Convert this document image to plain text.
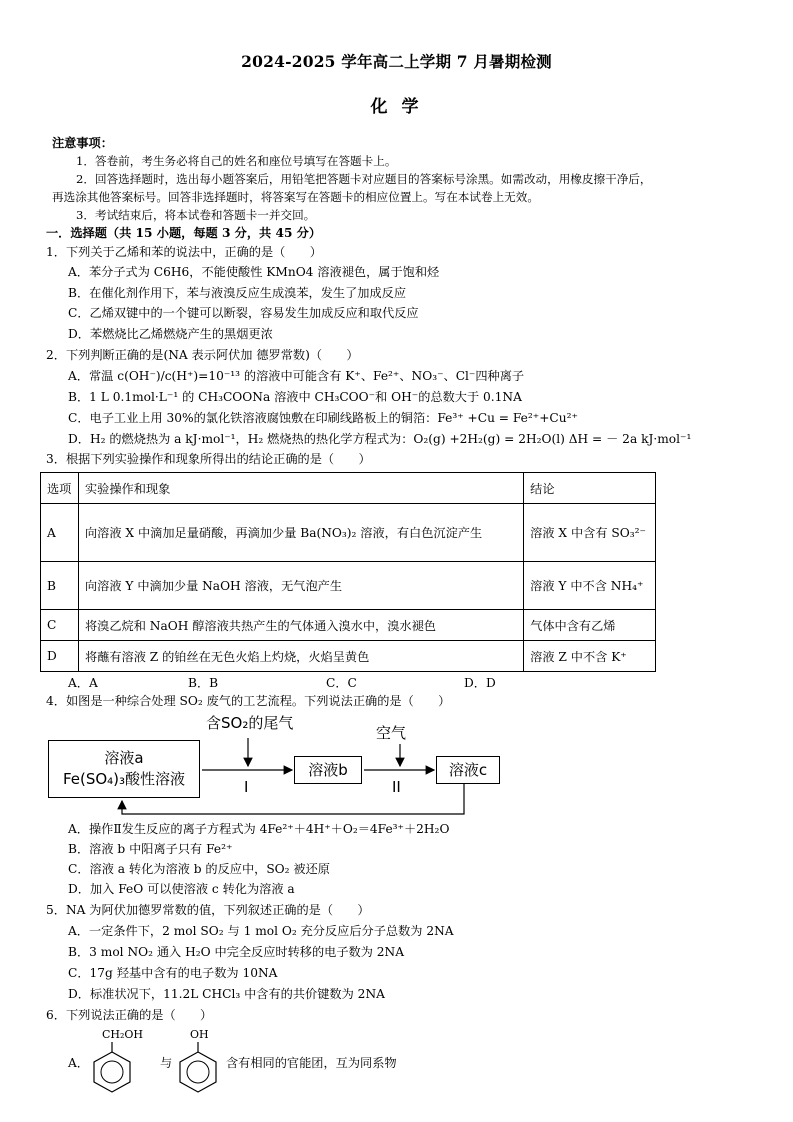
2024-2025 学年高二上学期 7 月暑期检测
化 学
注意事项：
1．答卷前，考生务必将自己的姓名和座位号填写在答题卡上。
2．回答选择题时，选出每小题答案后，用铅笔把答题卡对应题目的答案标号涂黑。如需改动，用橡皮擦干净后，
再选涂其他答案标号。回答非选择题时，将答案写在答题卡的相应位置上。写在本试卷上无效。
3．考试结束后，将本试卷和答题卡一并交回。
一．选择题（共 15 小题，每题 3 分，共 45 分）
1．下列关于乙烯和苯的说法中，正确的是（　　）
A．苯分子式为 C6H6，不能使酸性 KMnO4 溶液褪色，属于饱和烃
B．在催化剂作用下，苯与液溴反应生成溴苯，发生了加成反应
C．乙烯双键中的一个键可以断裂，容易发生加成反应和取代反应
D．苯燃烧比乙烯燃烧产生的黑烟更浓
2．下列判断正确的是(NA 表示阿伏加 德罗常数)（　　）
A．常温 c(OH⁻)/c(H⁺)=10⁻¹³ 的溶液中可能含有 K⁺、Fe²⁺、NO₃⁻、Cl⁻四种离子
B．1 L 0.1mol·L⁻¹ 的 CH₃COONa 溶液中 CH₃COO⁻和 OH⁻的总数大于 0.1NA
C．电子工业上用 30%的氯化铁溶液腐蚀敷在印刷线路板上的铜箔：Fe³⁺ +Cu = Fe²⁺+Cu²⁺
D．H₂ 的燃烧热为 a kJ·mol⁻¹，H₂ 燃烧热的热化学方程式为：O₂(g) +2H₂(g) = 2H₂O(l) ΔH = － 2a kJ·mol⁻¹
3．根据下列实验操作和现象所得出的结论正确的是（　　）
选项	实验操作和现象	结论
A	向溶液 X 中滴加足量硝酸，再滴加少量 Ba(NO₃)₂ 溶液，有白色沉淀产生	溶液 X 中含有 SO₃²⁻
B	向溶液 Y 中滴加少量 NaOH 溶液，无气泡产生	溶液 Y 中不含 NH₄⁺
C	将溴乙烷和 NaOH 醇溶液共热产生的气体通入溴水中，溴水褪色	气体中含有乙烯
D	将蘸有溶液 Z 的铂丝在无色火焰上灼烧，火焰呈黄色	溶液 Z 中不含 K⁺
A．A	B．B	C．C	D．D
4．如图是一种综合处理 SO₂ 废气的工艺流程。下列说法正确的是（　　）
溶液a
Fe(SO₄)₃酸性溶液	溶液b	溶液c
含SO₂的尾气
空气
I	II
A．操作Ⅱ发生反应的离子方程式为 4Fe²⁺＋4H⁺＋O₂＝4Fe³⁺＋2H₂O
B．溶液 b 中阳离子只有 Fe²⁺
C．溶液 a 转化为溶液 b 的反应中，SO₂ 被还原
D．加入 FeO 可以使溶液 c 转化为溶液 a
5．NA 为阿伏加德罗常数的值，下列叙述正确的是（　　）
A．一定条件下，2 mol SO₂ 与 1 mol O₂ 充分反应后分子总数为 2NA
B．3 mol NO₂ 通入 H₂O 中完全反应时转移的电子数为 2NA
C．17g 羟基中含有的电子数为 10NA
D．标准状况下，11.2L CHCl₃ 中含有的共价键数为 2NA
6．下列说法正确的是（　　）
A．
CH₂OH	OH
与	含有相同的官能团，互为同系物
